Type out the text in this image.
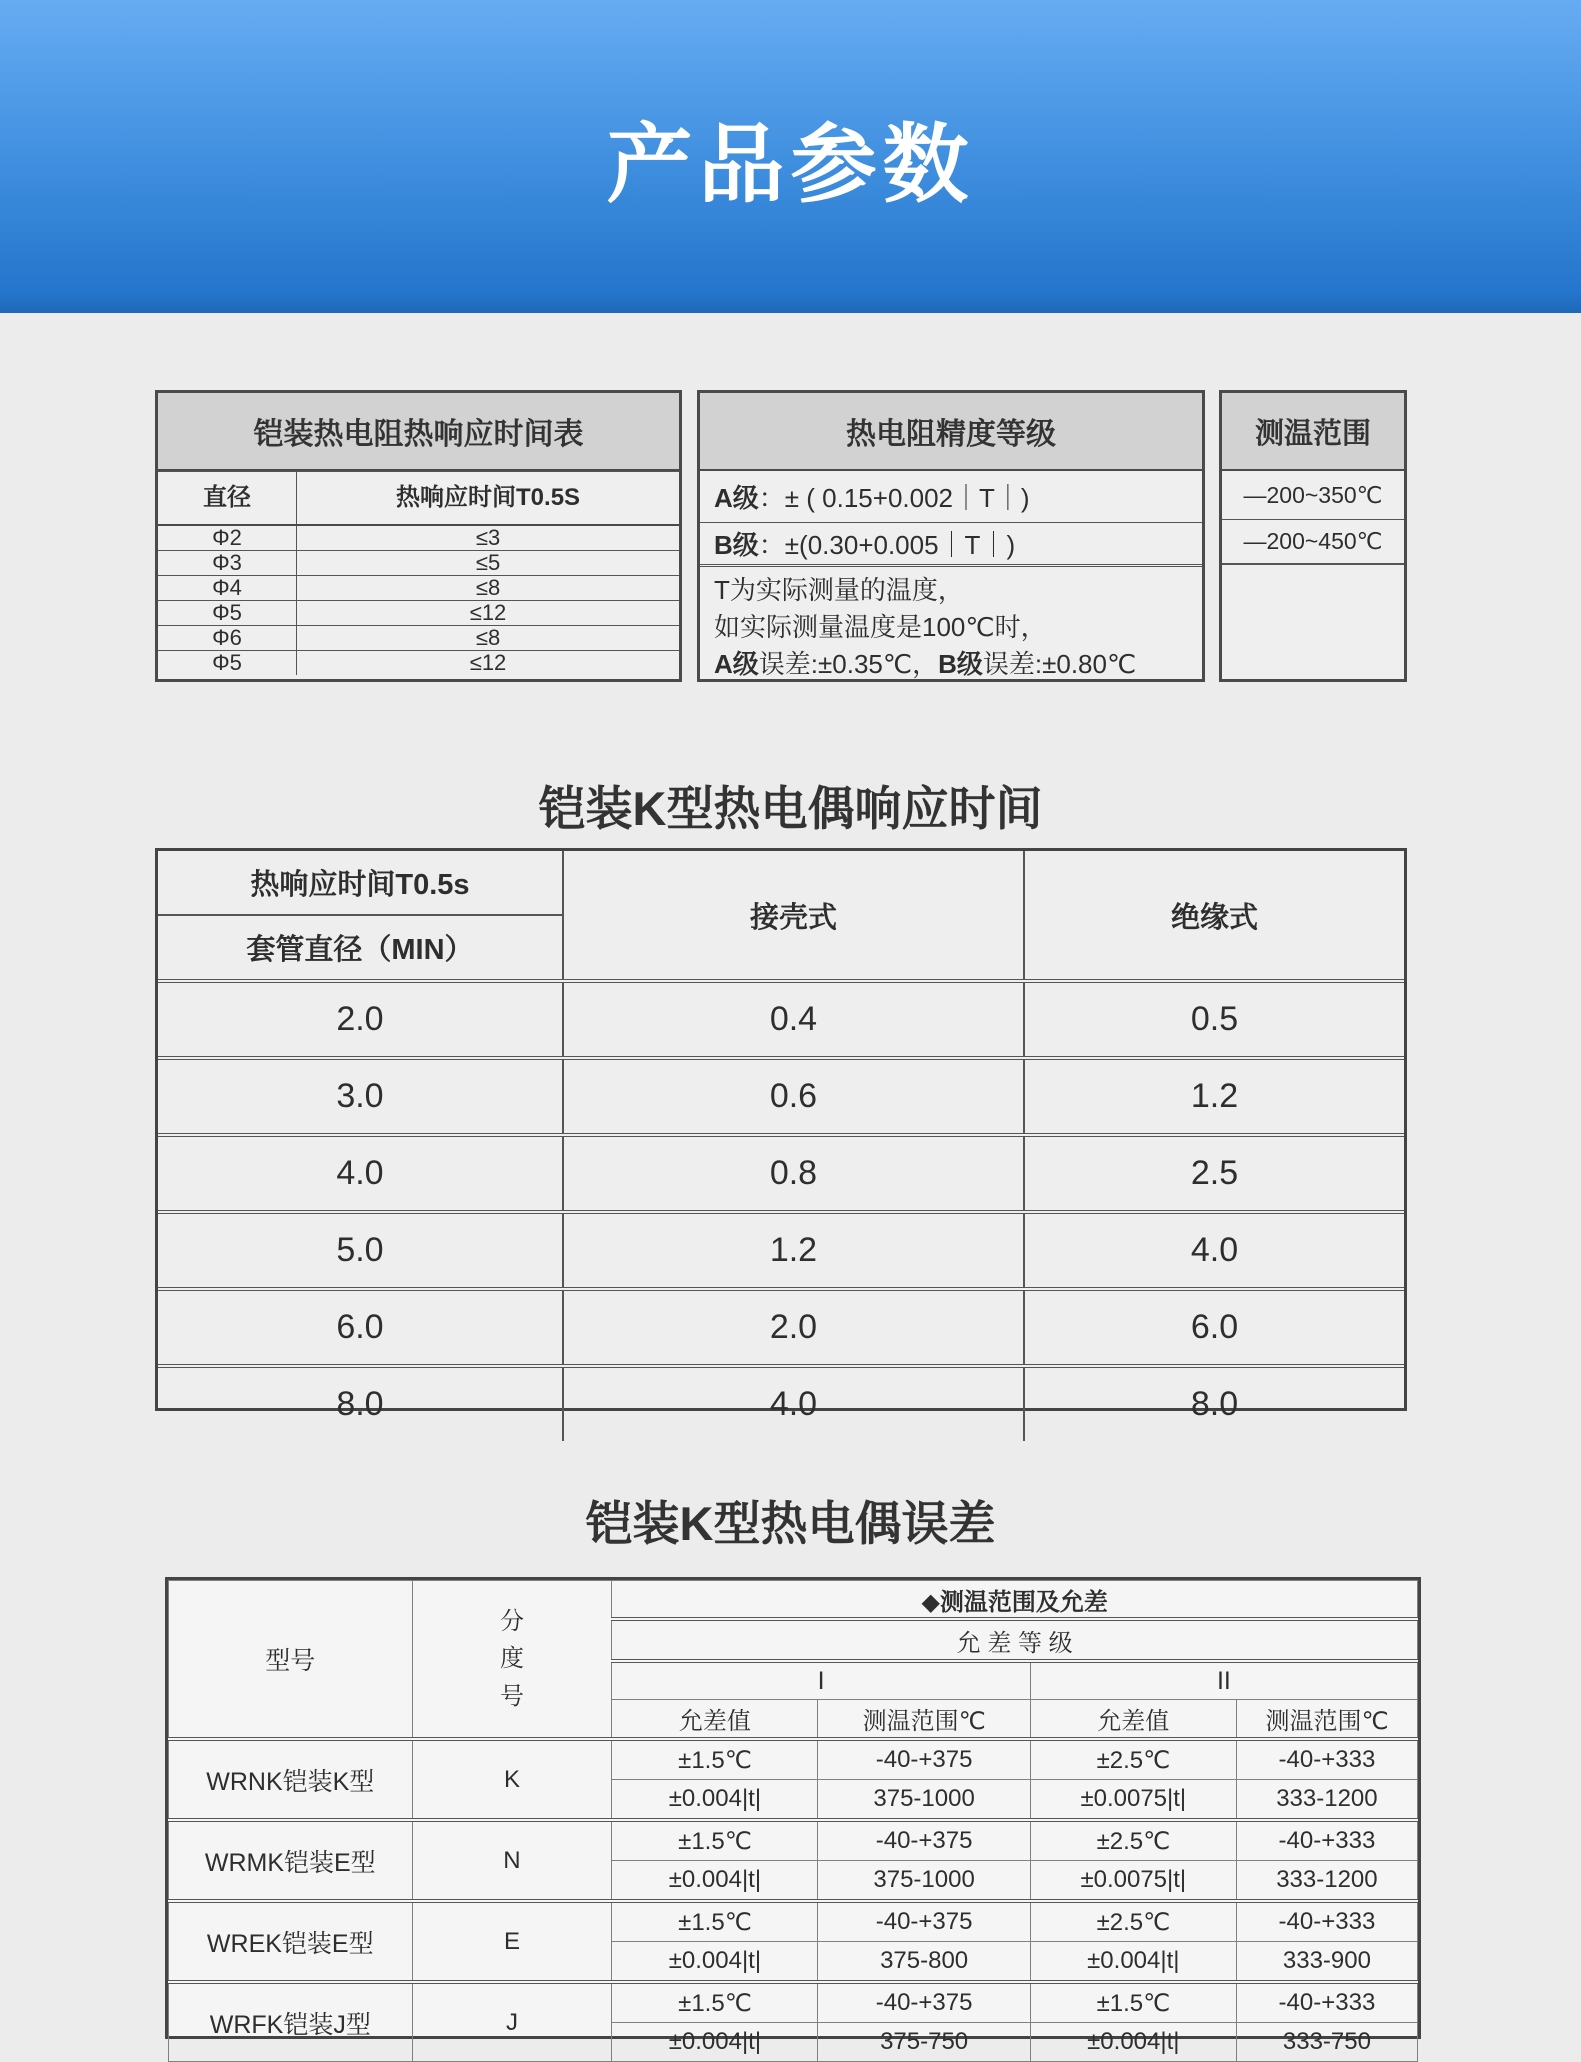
产品参数
铠装热电阻热响应时间表
直径	热响应时间T0.5S
Φ2	≤3
Φ3	≤5
Φ4	≤8
Φ5	≤12
Φ6	≤8
Φ5	≤12
热电阻精度等级
A级 ：± ( 0.15+0.002｜T｜)
B级 ：±(0.30+0.005｜T｜)
T为实际测量的温度，
如实际测量温度是100℃时，
A级误差:±0.35℃，B级误差:±0.80℃
测温范围
—200~350℃
—200~450℃
铠装K型热电偶响应时间
热响应时间T0.5s	接壳式	绝缘式
套管直径（MIN）		
2.0	0.4	0.5
3.0	0.6	1.2
4.0	0.8	2.5
5.0	1.2	4.0
6.0	2.0	6.0
8.0	4.0	8.0
铠装K型热电偶误差
型号	分度号	◆测温范围及允差			
		允 差 等 级			
		I		II	
		允差值	测温范围℃	允差值	测温范围℃
WRNK铠装K型	K	±1.5℃	-40-+375	±2.5℃	-40-+333
		±0.004|t|	375-1000	±0.0075|t|	333-1200
WRMK铠装E型	N	±1.5℃	-40-+375	±2.5℃	-40-+333
		±0.004|t|	375-1000	±0.0075|t|	333-1200
WREK铠装E型	E	±1.5℃	-40-+375	±2.5℃	-40-+333
		±0.004|t|	375-800	±0.004|t|	333-900
WRFK铠装J型	J	±1.5℃	-40-+375	±1.5℃	-40-+333
		±0.004|t|	375-750	±0.004|t|	333-750
